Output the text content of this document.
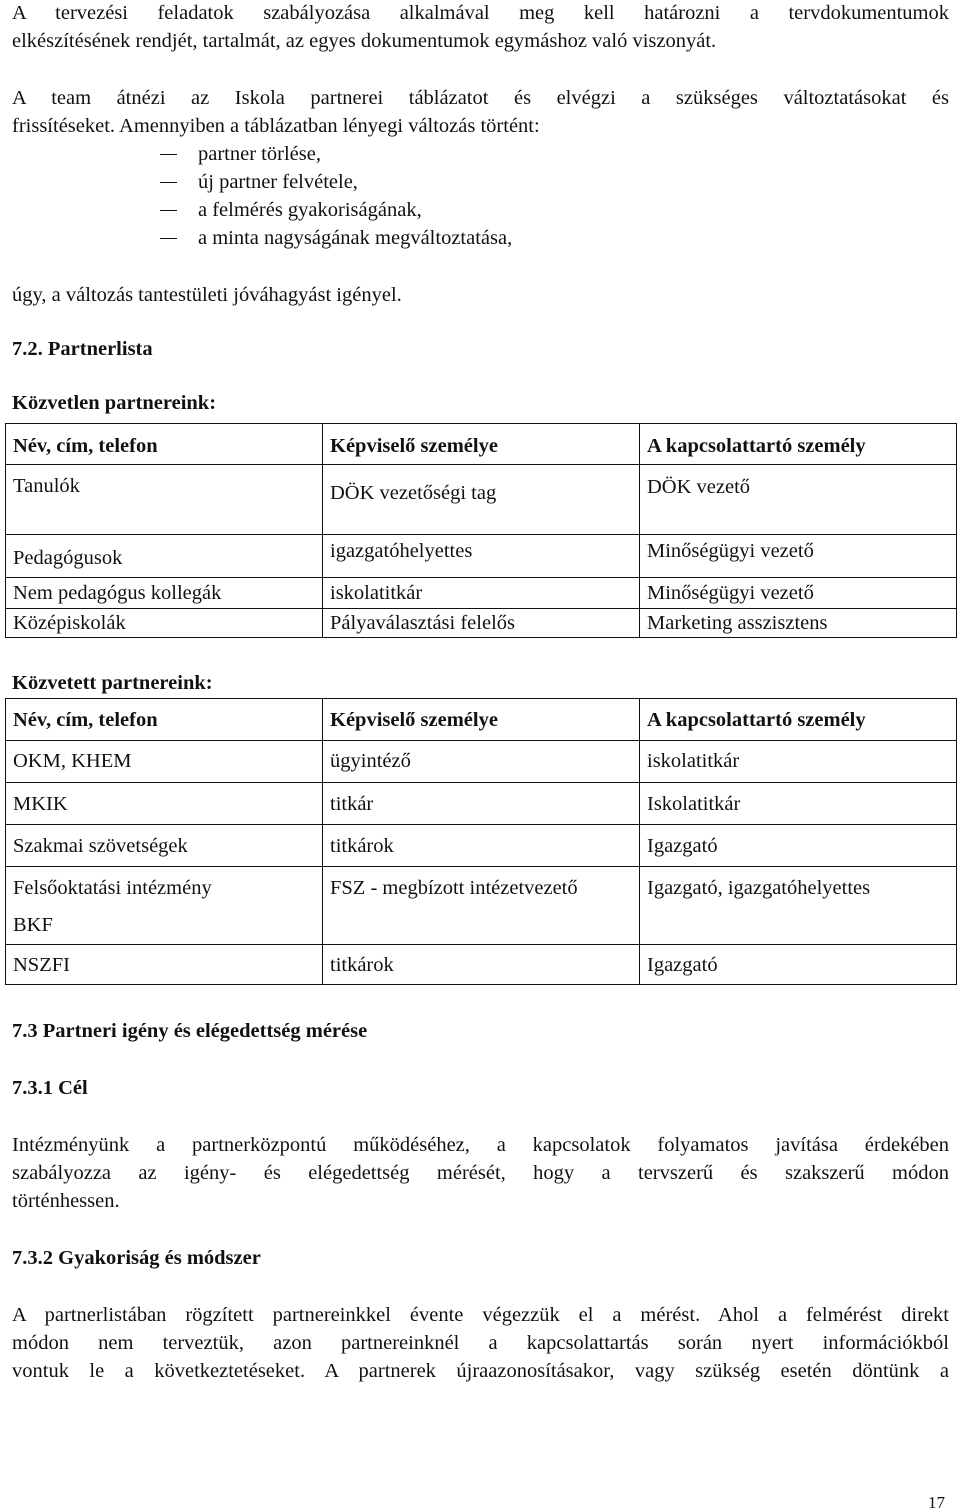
A tervezési feladatok szabályozása alkalmával meg kell határozni a tervdokumentumok
elkészítésének rendjét, tartalmát, az egyes dokumentumok egymáshoz való viszonyát.
A team átnézi az Iskola partnerei táblázatot és elvégzi a szükséges változtatásokat és
frissítéseket. Amennyiben a táblázatban lényegi változás történt:
partner törlése,
új partner felvétele,
a felmérés gyakoriságának,
a minta nagyságának megváltoztatása,
úgy, a változás tantestületi jóváhagyást igényel.
7.2. Partnerlista
Közvetlen partnereink:
Név, cím, telefon	Képviselő személye	A kapcsolattartó személy
Tanulók	DÖK vezetőségi tag	DÖK vezető
Pedagógusok	igazgatóhelyettes	Minőségügyi vezető
Nem pedagógus kollegák	iskolatitkár	Minőségügyi vezető
Középiskolák	Pályaválasztási felelős	Marketing asszisztens
Közvetett partnereink:
Név, cím, telefon	Képviselő személye	A kapcsolattartó személy
OKM, KHEM	ügyintéző	iskolatitkár
MKIK	titkár	Iskolatitkár
Szakmai szövetségek	titkárok	Igazgató

Felsőoktatási intézmény
BKF	FSZ - megbízott intézetvezető	Igazgató, igazgatóhelyettes
NSZFI	titkárok	Igazgató
7.3 Partneri igény és elégedettség mérése
7.3.1 Cél
Intézményünk a partnerközpontú működéséhez, a kapcsolatok folyamatos javítása érdekében
szabályozza az igény- és elégedettség mérését, hogy a tervszerű és szakszerű módon
történhessen.
7.3.2 Gyakoriság és módszer
A partnerlistában rögzített partnereinkkel évente végezzük el a mérést. Ahol a felmérést direkt
módon nem terveztük, azon partnereinknél a kapcsolattartás során nyert információkból
vontuk le a következtetéseket. A partnerek újraazonosításakor, vagy szükség esetén döntünk a
17
